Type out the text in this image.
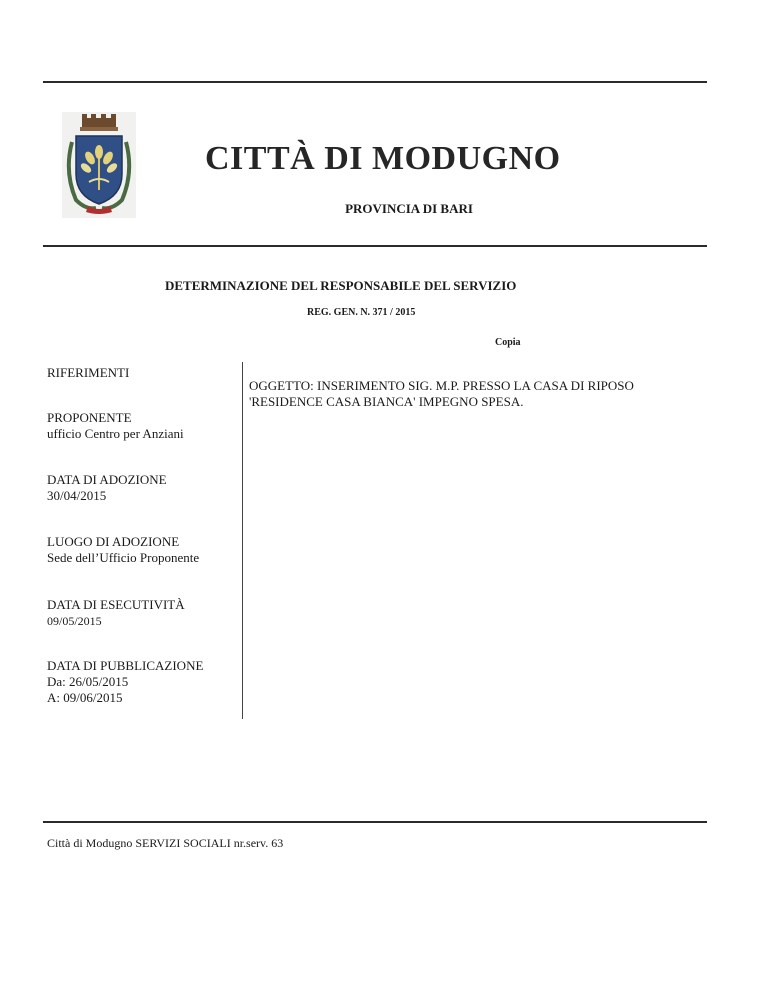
CITTÀ DI MODUGNO
PROVINCIA DI BARI
DETERMINAZIONE DEL RESPONSABILE DEL SERVIZIO
REG. GEN. N. 371 / 2015
Copia
RIFERIMENTI
PROPONENTE
ufficio Centro per Anziani
DATA DI ADOZIONE
30/04/2015
LUOGO DI ADOZIONE
Sede dell’Ufficio Proponente
DATA DI ESECUTIVITÀ
09/05/2015
DATA DI PUBBLICAZIONE
Da: 26/05/2015
A: 09/06/2015
OGGETTO: INSERIMENTO SIG. M.P. PRESSO LA CASA DI RIPOSO 'RESIDENCE CASA BIANCA' IMPEGNO SPESA.
Città di Modugno SERVIZI SOCIALI nr.serv. 63
